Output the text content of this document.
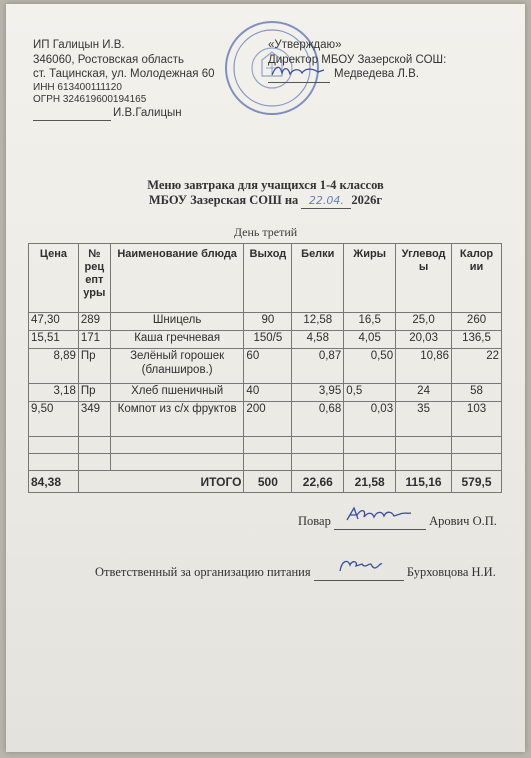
ИП Галицын И.В.
346060, Ростовская область
ст. Тацинская, ул. Молодежная 60
ИНН 613400111120
ОГРН 324619600194165
И.В.Галицын
«Утверждаю»
Директор МБОУ Зазерской СОШ:
Медведева Л.В.
Меню завтрака для учащихся 1-4 классов
МБОУ Зазерская СОШ на 22.04. 2026г
День третий
Цена	№ рец епт уры	Наименование блюда	Выход	Белки	Жиры	Углевод ы	Калор ии
47,30	289	Шницель	90	12,58	16,5	25,0	260
15,51	171	Каша гречневая	150/5	4,58	4,05	20,03	136,5
8,89	Пр	Зелёный горошек (бланширов.)	60	0,87	0,50	10,86	22
3,18	Пр	Хлеб пшеничный	40	3,95	0,5	24	58
9,50	349	Компот из с/х фруктов	200	0,68	0,03	35	103

84,38	ИТОГО		500	22,66	21,58	115,16	579,5
Повар	Арович О.П.
Ответственный за организацию питания	Бурховцова Н.И.
